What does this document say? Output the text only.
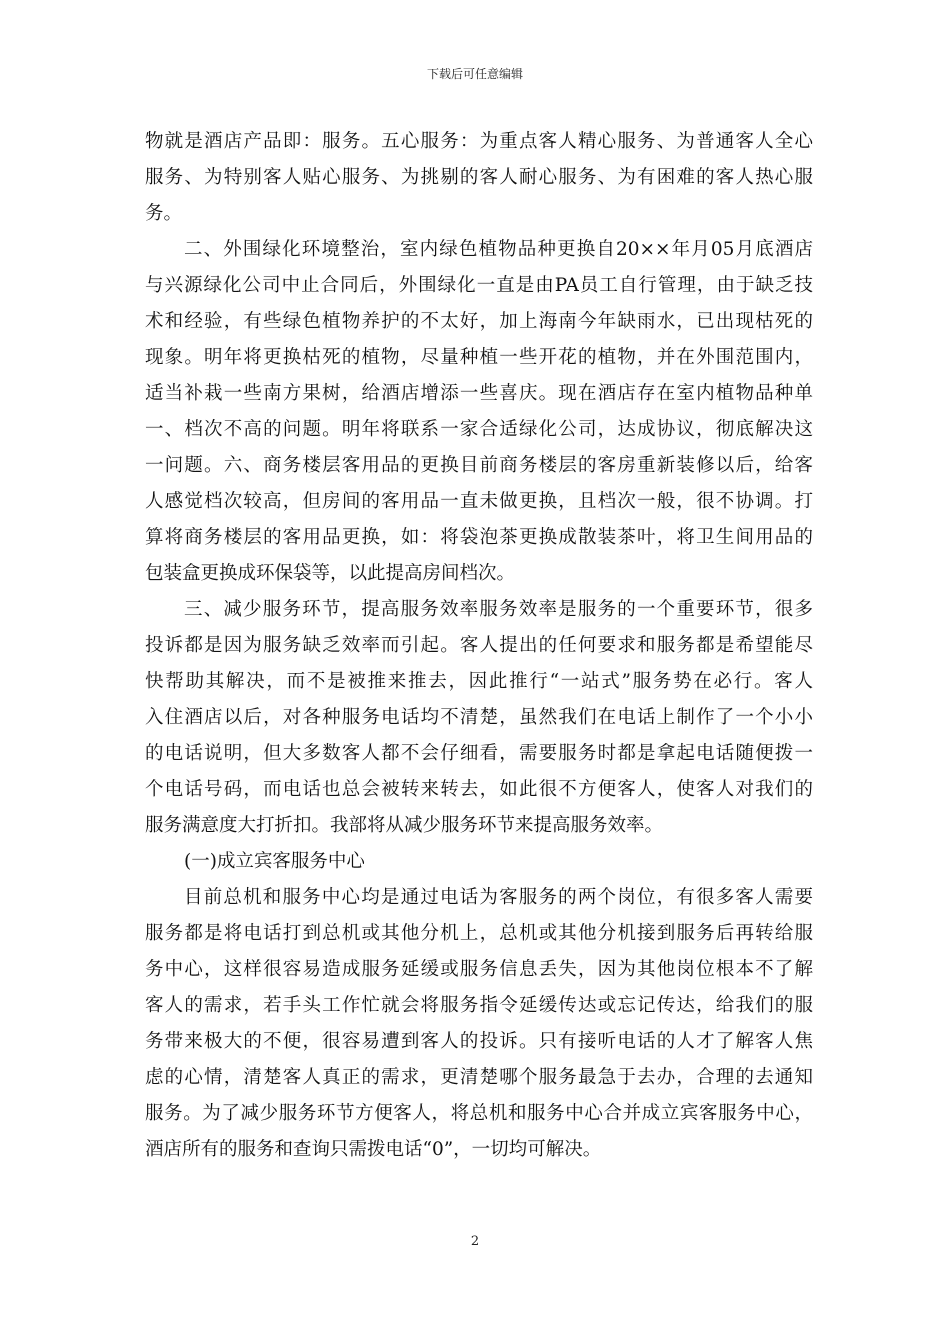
下载后可任意编辑
物就是酒店产品即：服务。五心服务：为重点客人精心服务、为普通客人全心
服务、为特别客人贴心服务、为挑剔的客人耐心服务、为有困难的客人热心服
务。
二、外围绿化环境整治，室内绿色植物品种更换自20××年月05月底酒店
与兴源绿化公司中止合同后，外围绿化一直是由PA员工自行管理，由于缺乏技
术和经验，有些绿色植物养护的不太好，加上海南今年缺雨水，已出现枯死的
现象。明年将更换枯死的植物，尽量种植一些开花的植物，并在外围范围内，
适当补栽一些南方果树，给酒店增添一些喜庆。现在酒店存在室内植物品种单
一、档次不高的问题。明年将联系一家合适绿化公司，达成协议，彻底解决这
一问题。六、商务楼层客用品的更换目前商务楼层的客房重新装修以后，给客
人感觉档次较高，但房间的客用品一直未做更换，且档次一般，很不协调。打
算将商务楼层的客用品更换，如：将袋泡茶更换成散装茶叶，将卫生间用品的
包装盒更换成环保袋等，以此提高房间档次。
三、减少服务环节，提高服务效率服务效率是服务的一个重要环节，很多
投诉都是因为服务缺乏效率而引起。客人提出的任何要求和服务都是希望能尽
快帮助其解决，而不是被推来推去，因此推行“一站式”服务势在必行。客人
入住酒店以后，对各种服务电话均不清楚，虽然我们在电话上制作了一个小小
的电话说明，但大多数客人都不会仔细看，需要服务时都是拿起电话随便拨一
个电话号码，而电话也总会被转来转去，如此很不方便客人，使客人对我们的
服务满意度大打折扣。我部将从减少服务环节来提高服务效率。
(一)成立宾客服务中心
目前总机和服务中心均是通过电话为客服务的两个岗位，有很多客人需要
服务都是将电话打到总机或其他分机上，总机或其他分机接到服务后再转给服
务中心，这样很容易造成服务延缓或服务信息丢失，因为其他岗位根本不了解
客人的需求，若手头工作忙就会将服务指令延缓传达或忘记传达，给我们的服
务带来极大的不便，很容易遭到客人的投诉。只有接听电话的人才了解客人焦
虑的心情，清楚客人真正的需求，更清楚哪个服务最急于去办，合理的去通知
服务。为了减少服务环节方便客人，将总机和服务中心合并成立宾客服务中心，
酒店所有的服务和查询只需拨电话“0”，一切均可解决。
2
